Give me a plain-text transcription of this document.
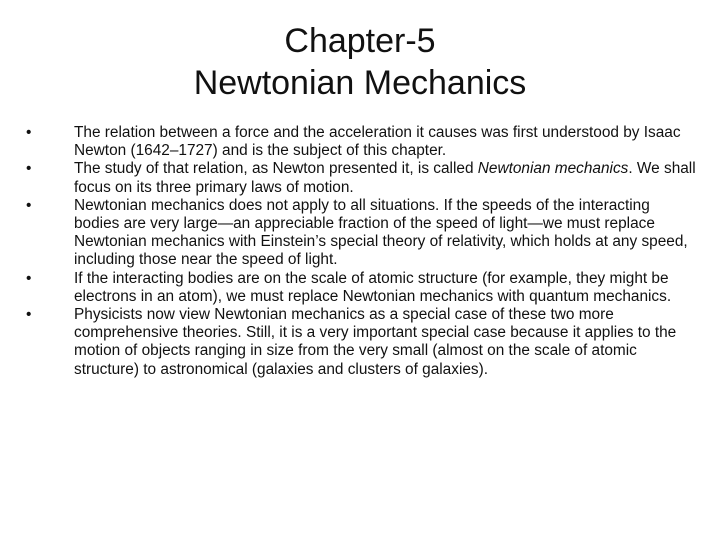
Chapter-5
Newtonian Mechanics
•	The relation between a force and the acceleration it causes was first understood by Isaac Newton (1642–1727) and is the subject of this chapter.
•	The study of that relation, as Newton presented it, is called Newtonian mechanics. We shall focus on its three primary laws of motion.
•	Newtonian mechanics does not apply to all situations. If the speeds of the interacting bodies are very large—an appreciable fraction of the speed of light—we must replace Newtonian mechanics with Einstein’s special theory of relativity, which holds at any speed, including those near the speed of light.
•	If the interacting bodies are on the scale of atomic structure (for example, they might be electrons in an atom), we must replace Newtonian mechanics with quantum mechanics.
•	Physicists now view Newtonian mechanics as a special case of these two more comprehensive theories. Still, it is a very important special case because it applies to the motion of objects ranging in size from the very small (almost on the scale of atomic structure) to astronomical (galaxies and clusters of galaxies).
